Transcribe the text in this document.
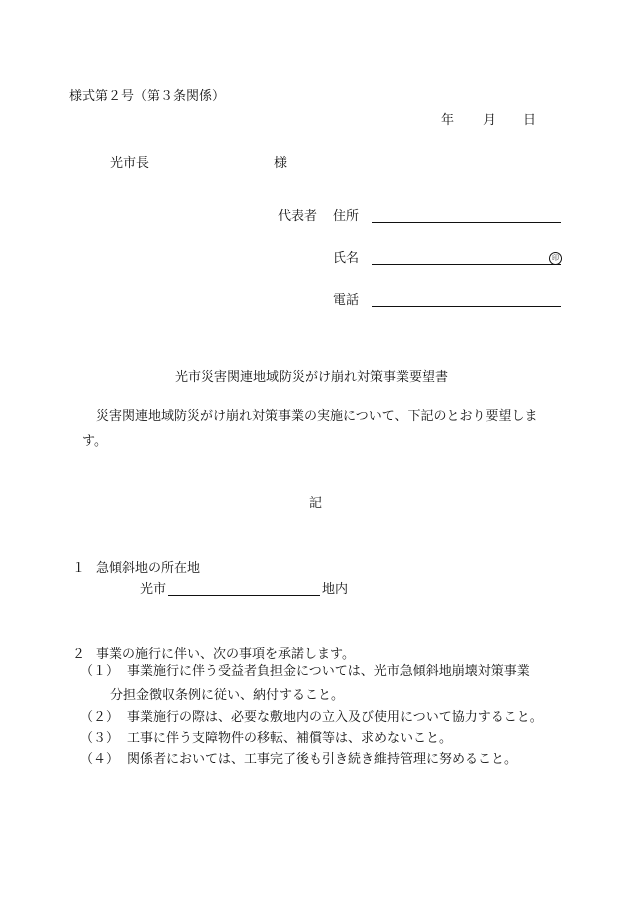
様式第２号（第３条関係）
年 月 日
光市長	様
代表者 住所
氏名	印
電話
光市災害関連地域防災がけ崩れ対策事業要望書
災害関連地域防災がけ崩れ対策事業の実施について、下記のとおり要望しま
す。
記
１ 急傾斜地の所在地
光市	地内
２ 事業の施行に伴い、次の事項を承諾します。
（１） 事業施行に伴う受益者負担金については、光市急傾斜地崩壊対策事業
分担金徴収条例に従い、納付すること。
（２） 事業施行の際は、必要な敷地内の立入及び使用について協力すること。
（３） 工事に伴う支障物件の移転、補償等は、求めないこと。
（４） 関係者においては、工事完了後も引き続き維持管理に努めること。
